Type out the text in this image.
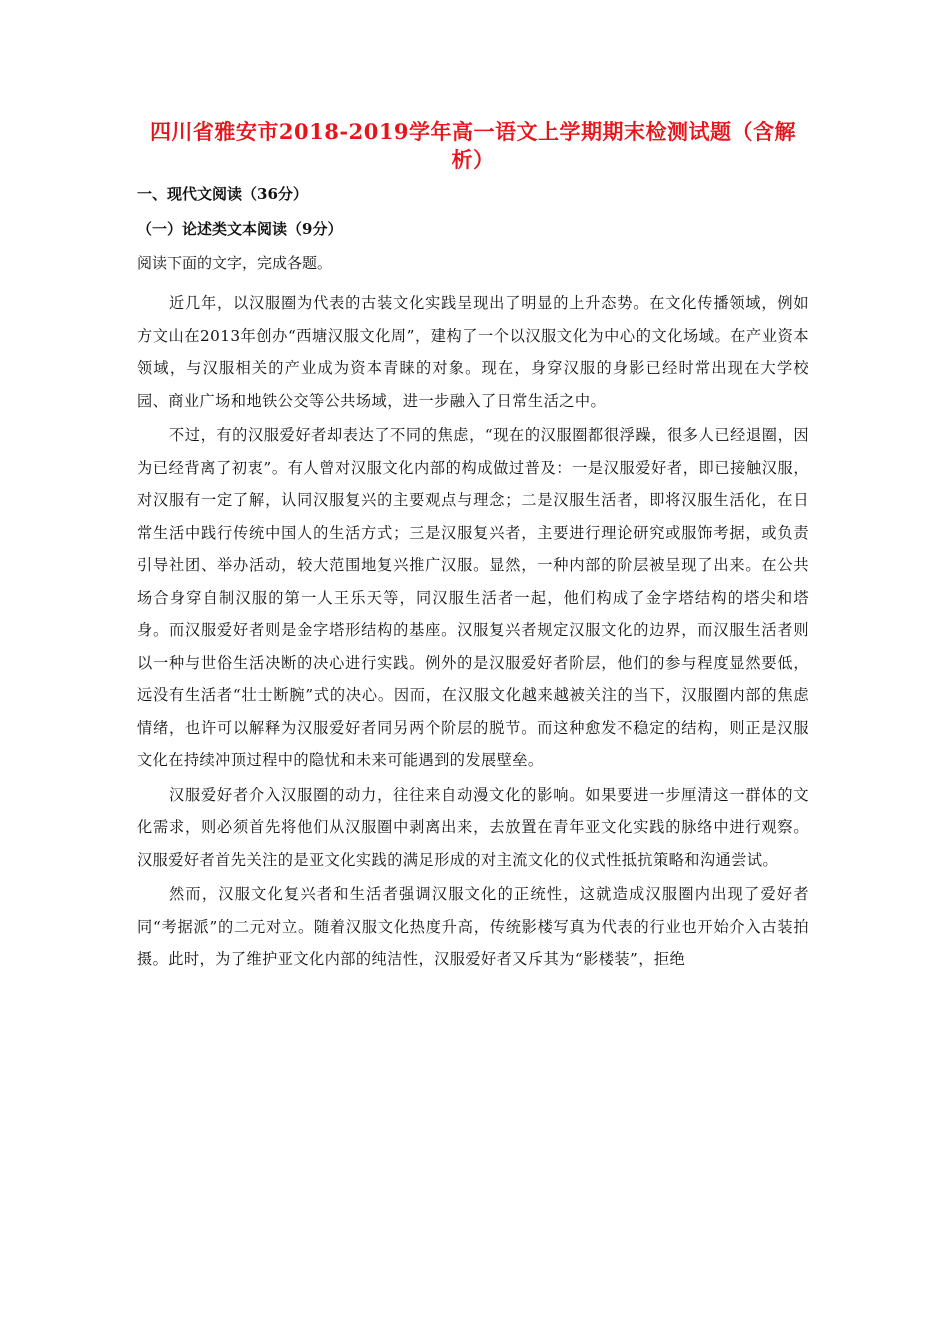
四川省雅安市2018-2019学年高一语文上学期期末检测试题（含解析）
一、现代文阅读（36分）
（一）论述类文本阅读（9分）
阅读下面的文字，完成各题。

近几年，以汉服圈为代表的古装文化实践呈现出了明显的上升态势。在文化传播领域，例如方文山在2013年创办“西塘汉服文化周”，建构了一个以汉服文化为中心的文化场域。在产业资本领域，与汉服相关的产业成为资本青睐的对象。现在，身穿汉服的身影已经时常出现在大学校园、商业广场和地铁公交等公共场域，进一步融入了日常生活之中。

不过，有的汉服爱好者却表达了不同的焦虑，“现在的汉服圈都很浮躁，很多人已经退圈，因为已经背离了初衷”。有人曾对汉服文化内部的构成做过普及：一是汉服爱好者，即已接触汉服，对汉服有一定了解，认同汉服复兴的主要观点与理念；二是汉服生活者，即将汉服生活化，在日常生活中践行传统中国人的生活方式；三是汉服复兴者，主要进行理论研究或服饰考据，或负责引导社团、举办活动，较大范围地复兴推广汉服。显然，一种内部的阶层被呈现了出来。在公共场合身穿自制汉服的第一人王乐天等，同汉服生活者一起，他们构成了金字塔结构的塔尖和塔身。而汉服爱好者则是金字塔形结构的基座。汉服复兴者规定汉服文化的边界，而汉服生活者则以一种与世俗生活决断的决心进行实践。例外的是汉服爱好者阶层，他们的参与程度显然要低，远没有生活者“壮士断腕”式的决心。因而，在汉服文化越来越被关注的当下，汉服圈内部的焦虑情绪，也许可以解释为汉服爱好者同另两个阶层的脱节。而这种愈发不稳定的结构，则正是汉服文化在持续冲顶过程中的隐忧和未来可能遇到的发展壁垒。

汉服爱好者介入汉服圈的动力，往往来自动漫文化的影响。如果要进一步厘清这一群体的文化需求，则必须首先将他们从汉服圈中剥离出来，去放置在青年亚文化实践的脉络中进行观察。汉服爱好者首先关注的是亚文化实践的满足形成的对主流文化的仪式性抵抗策略和沟通尝试。

然而，汉服文化复兴者和生活者强调汉服文化的正统性，这就造成汉服圈内出现了爱好者同“考据派”的二元对立。随着汉服文化热度升高，传统影楼写真为代表的行业也开始介入古装拍摄。此时，为了维护亚文化内部的纯洁性，汉服爱好者又斥其为“影楼装”，拒绝
